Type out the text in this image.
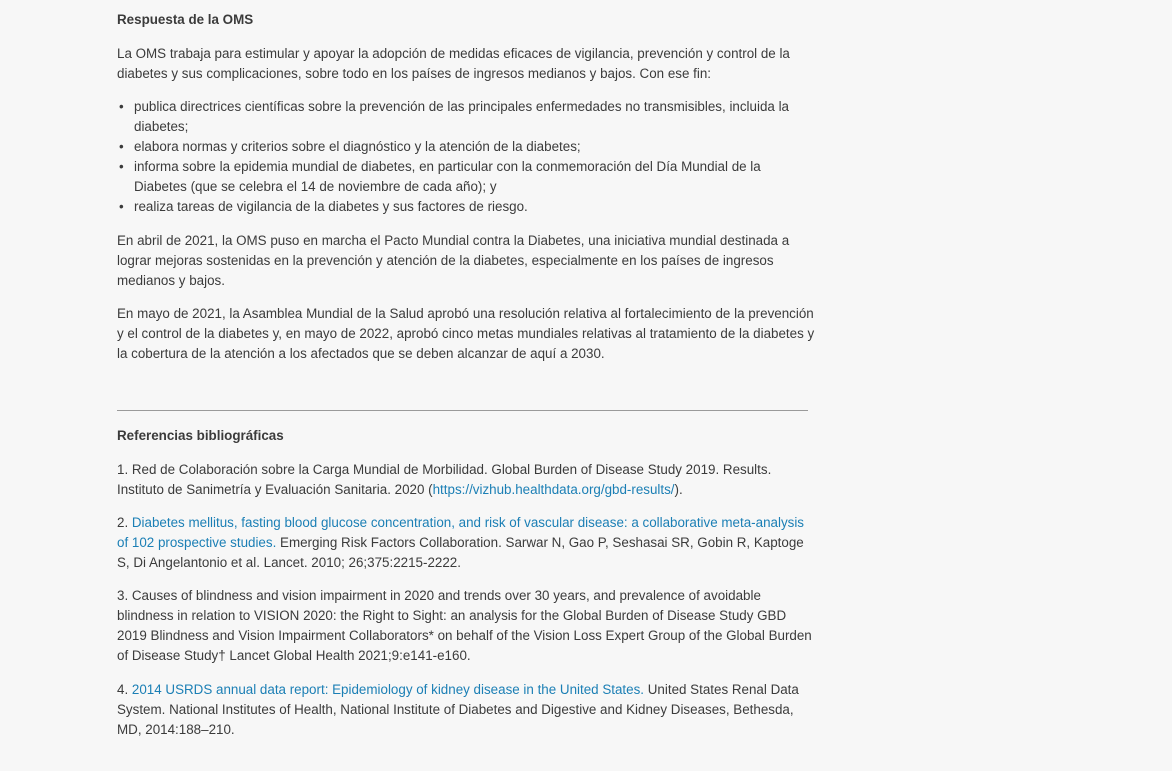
Respuesta de la OMS

La OMS trabaja para estimular y apoyar la adopción de medidas eficaces de vigilancia, prevención y control de la diabetes y sus complicaciones, sobre todo en los países de ingresos medianos y bajos. Con ese fin:

• publica directrices científicas sobre la prevención de las principales enfermedades no transmisibles, incluida la diabetes;
• elabora normas y criterios sobre el diagnóstico y la atención de la diabetes;
• informa sobre la epidemia mundial de diabetes, en particular con la conmemoración del Día Mundial de la Diabetes (que se celebra el 14 de noviembre de cada año); y
• realiza tareas de vigilancia de la diabetes y sus factores de riesgo.

En abril de 2021, la OMS puso en marcha el Pacto Mundial contra la Diabetes, una iniciativa mundial destinada a lograr mejoras sostenidas en la prevención y atención de la diabetes, especialmente en los países de ingresos medianos y bajos.

En mayo de 2021, la Asamblea Mundial de la Salud aprobó una resolución relativa al fortalecimiento de la prevención y el control de la diabetes y, en mayo de 2022, aprobó cinco metas mundiales relativas al tratamiento de la diabetes y la cobertura de la atención a los afectados que se deben alcanzar de aquí a 2030.

Referencias bibliográficas

1. Red de Colaboración sobre la Carga Mundial de Morbilidad. Global Burden of Disease Study 2019. Results. Instituto de Sanimetría y Evaluación Sanitaria. 2020 (https://vizhub.healthdata.org/gbd-results/).

2. Diabetes mellitus, fasting blood glucose concentration, and risk of vascular disease: a collaborative meta-analysis of 102 prospective studies. Emerging Risk Factors Collaboration. Sarwar N, Gao P, Seshasai SR, Gobin R, Kaptoge S, Di Angelantonio et al. Lancet. 2010; 26;375:2215-2222.

3. Causes of blindness and vision impairment in 2020 and trends over 30 years, and prevalence of avoidable blindness in relation to VISION 2020: the Right to Sight: an analysis for the Global Burden of Disease Study GBD 2019 Blindness and Vision Impairment Collaborators* on behalf of the Vision Loss Expert Group of the Global Burden of Disease Study† Lancet Global Health 2021;9:e141-e160.

4. 2014 USRDS annual data report: Epidemiology of kidney disease in the United States. United States Renal Data System. National Institutes of Health, National Institute of Diabetes and Digestive and Kidney Diseases, Bethesda, MD, 2014:188–210.
